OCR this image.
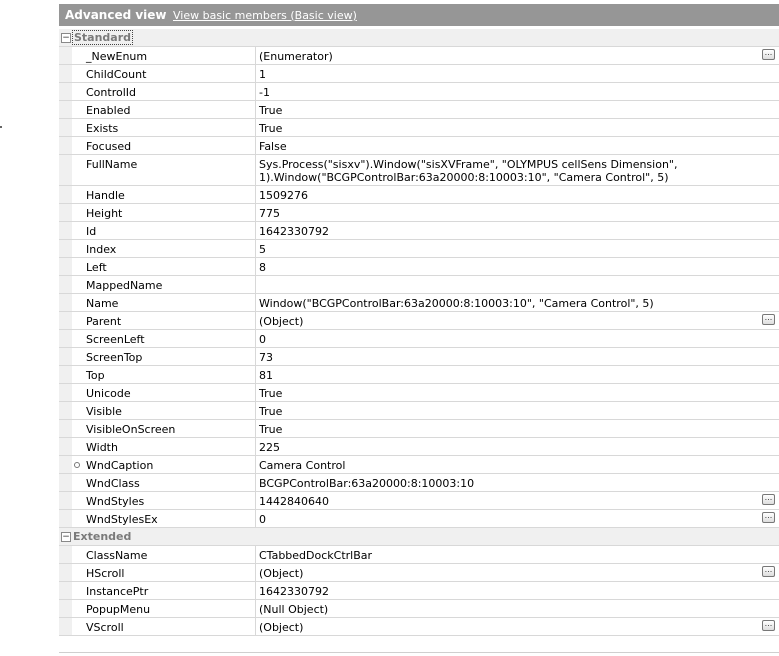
Advanced view View basic members (Basic view)
− Standard
_NewEnum	(Enumerator)	...
ChildCount	1
ControlId	-1
Enabled	True
Exists	True
Focused	False
FullName	Sys.Process("sisxv").Window("sisXVFrame", "OLYMPUS cellSens Dimension", 1).Window("BCGPControlBar:63a20000:8:10003:10", "Camera Control", 5)
Handle	1509276
Height	775
Id	1642330792
Index	5
Left	8
MappedName
Name	Window("BCGPControlBar:63a20000:8:10003:10", "Camera Control", 5)
Parent	(Object)	...
ScreenLeft	0
ScreenTop	73
Top	81
Unicode	True
Visible	True
VisibleOnScreen	True
Width	225
WndCaption	Camera Control
WndClass	BCGPControlBar:63a20000:8:10003:10
WndStyles	1442840640	...
WndStylesEx	0	...
− Extended
ClassName	CTabbedDockCtrlBar
HScroll	(Object)	...
InstancePtr	1642330792
PopupMenu	(Null Object)
VScroll	(Object)	...
